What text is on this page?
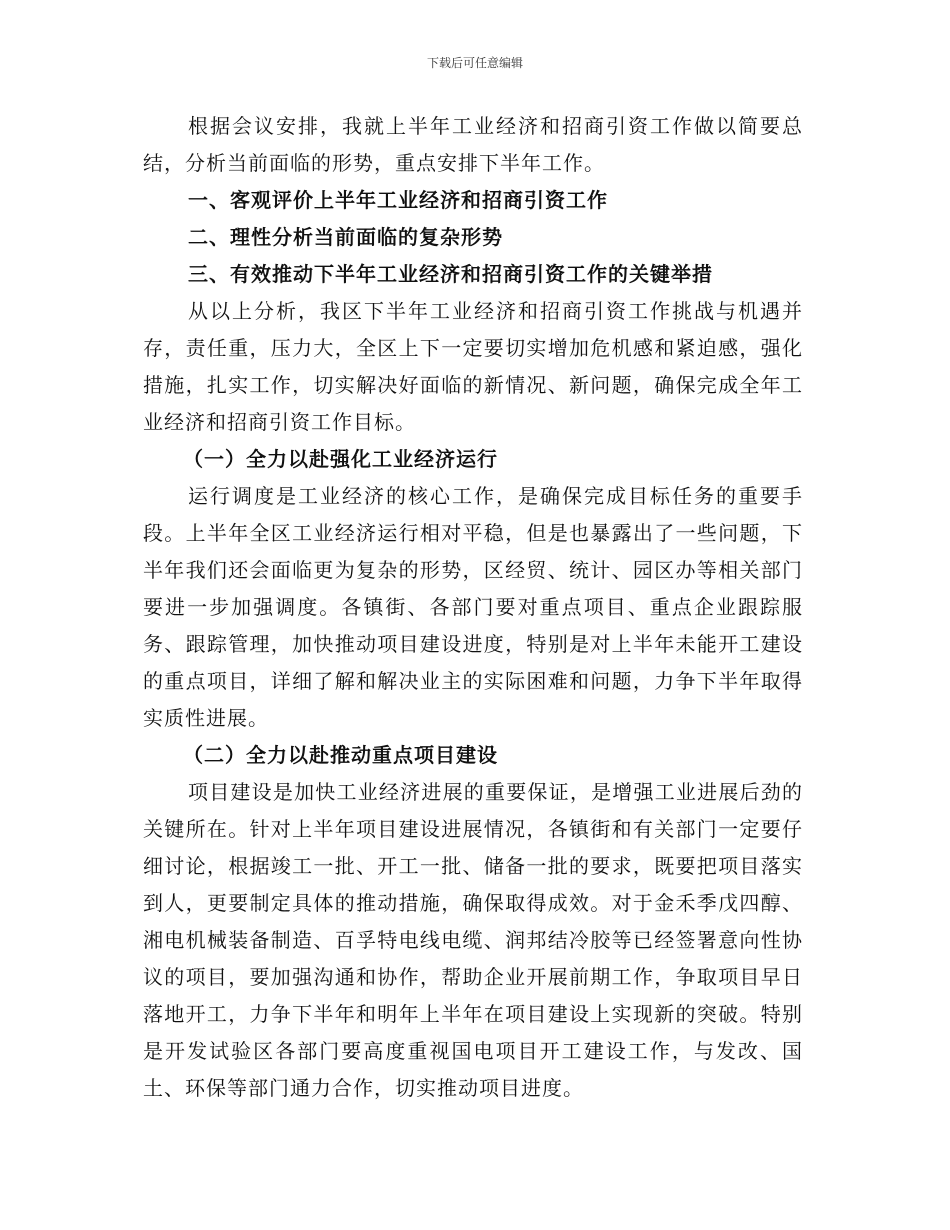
下载后可任意编辑

根据会议安排，我就上半年工业经济和招商引资工作做以简要总结，分析当前面临的形势，重点安排下半年工作。

一、客观评价上半年工业经济和招商引资工作

二、理性分析当前面临的复杂形势

三、有效推动下半年工业经济和招商引资工作的关键举措

从以上分析，我区下半年工业经济和招商引资工作挑战与机遇并存，责任重，压力大，全区上下一定要切实增加危机感和紧迫感，强化措施，扎实工作，切实解决好面临的新情况、新问题，确保完成全年工业经济和招商引资工作目标。

（一）全力以赴强化工业经济运行

运行调度是工业经济的核心工作，是确保完成目标任务的重要手段。上半年全区工业经济运行相对平稳，但是也暴露出了一些问题，下半年我们还会面临更为复杂的形势，区经贸、统计、园区办等相关部门要进一步加强调度。各镇街、各部门要对重点项目、重点企业跟踪服务、跟踪管理，加快推动项目建设进度，特别是对上半年未能开工建设的重点项目，详细了解和解决业主的实际困难和问题，力争下半年取得实质性进展。

（二）全力以赴推动重点项目建设

项目建设是加快工业经济进展的重要保证，是增强工业进展后劲的关键所在。针对上半年项目建设进展情况，各镇街和有关部门一定要仔细讨论，根据竣工一批、开工一批、储备一批的要求，既要把项目落实到人，更要制定具体的推动措施，确保取得成效。对于金禾季戊四醇、湘电机械装备制造、百孚特电线电缆、润邦结冷胶等已经签署意向性协议的项目，要加强沟通和协作，帮助企业开展前期工作，争取项目早日落地开工，力争下半年和明年上半年在项目建设上实现新的突破。特别是开发试验区各部门要高度重视国电项目开工建设工作，与发改、国土、环保等部门通力合作，切实推动项目进度。
